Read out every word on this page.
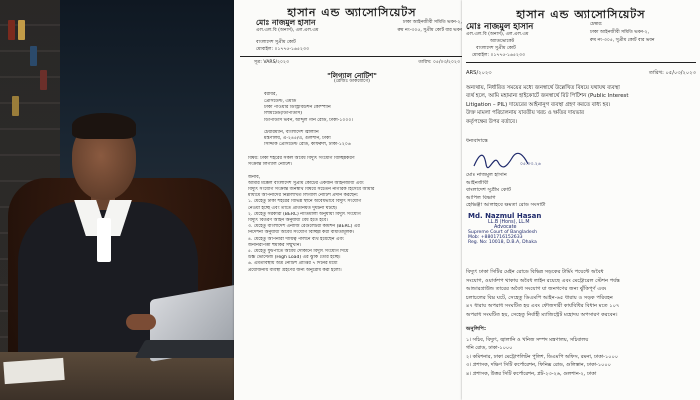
হাসান এন্ড অ্যাসোসিয়েটস
মোঃ নাজমুল হাসান
এল.এল.বি (অনার্স), এল.এল.এম
বাংলাদেশ সুপ্রীম কোর্ট
মোবাইল: ০১৭৭৫-১৬৫২৩৩
ঢাকা আইনজীবী সমিতি ভবন-২,
রুম নং-৩০৫, সুপ্রীম কোর্ট বার ভবন
সূত্র: VARS/২০২৩	তারিখ: ০৫/০৩/২০২৩
"লিগ্যাল নোটিশ"
(রেজিঃ ডাকযোগে)
বরাবর,
প্রেসিডেন্ট, এমডি
ঢাকা পাওয়ার ডিস্ট্রিবিউশন কোম্পানি
লিমিটেড(ডিপিডিসি)
ডিপিডিসি ভবন, আব্দুল গনি রোড, ঢাকা-১০০০।

চেয়ারম্যান, বাংলাদেশ জ্বালানি
মন্ত্রণালয়, এ-২৪৫/এ, গুলশান, ঢাকা
সিদ্দিকি প্রেসিডেন্ট রোড, কাফরুল, ঢাকা-১২০৬
বিষয়: ঢাকা শহরের সকল অবৈধ বিদ্যুৎ সংযোগ বিচ্ছিন্নকরণ
সংক্রান্ত লিগ্যাল নোটিশ।

জনাব,
আমার মক্কেল বাংলাদেশ সুপ্রীম কোর্টের একজন আইনজীবী এবং
বিদ্যুৎ সংযোগ সংক্রান্ত জনস্বার্থ বিষয়ে সচেতন নাগরিক হিসেবে আমার
মাধ্যমে আপনাদের নিম্নলিখিত লিগ্যাল নোটিশ প্রদান করছেন:
১. যেহেতু ঢাকা শহরের বিভিন্ন স্থানে অবৈধভাবে বিদ্যুৎ সংযোগ
নেওয়া হচ্ছে এবং তাতে প্রতিনিয়ত দুর্ঘটনা ঘটছে।
২. যেহেতু সরকারী (BERC) নীতিমালা অনুযায়ী বিদ্যুৎ সংযোগ
বিদ্যুৎ বিতরণ আইন অনুযায়ী বৈধ হতে হবে।
৩. যেহেতু বাংলাদেশ এনার্জি রেগুলেটরী কমিশন (BERC) এর
নির্দেশনা অনুযায়ী অবৈধ সংযোগ বিচ্ছিন্ন করা বাধ্যতামূলক।
৪. যেহেতু আপনারা দায়িত্ব পালনে ব্যর্থ হয়েছেন এবং
জননিরাপত্তা হুমকির সম্মুখীন।
৫. যেহেতু ফুটপাতে অবৈধ দোকানে বিদ্যুৎ সংযোগ দিয়ে
উচ্চ ভোল্টেজ (High Load) এর ঝুঁকি তৈরি হচ্ছে।
৬. এমতাবস্থায় অত্র নোটিশ প্রাপ্তির ৭ দিনের মধ্যে
প্রয়োজনীয় ব্যবস্থা গ্রহণের জন্য অনুরোধ করা হলো।
হাসান এন্ড অ্যাসোসিয়েটস
মোঃ নাজমুল হাসান
এল.এল.বি (অনার্স), এল.এল.এম
অ্যাডভোকেট
বাংলাদেশ সুপ্রীম কোর্ট
মোবাইল: ০১৭৭৫-১৬৫২৩৩
চেম্বার:
ঢাকা আইনজীবী সমিতি ভবন-২,
রুম নং-৩০৫, সুপ্রীম কোর্ট বার ভবন
ARS/২০২৩	তারিখ: ০৫/০৩/২০২৩
অন্যথায়, নির্ধারিত সময়ের মধ্যে জনস্বার্থে উল্লেখিত বিষয়ে যথাযথ ব্যবস্থা
ব্যর্থ হলে, আমি মহামান্য হাইকোর্টে জনস্বার্থে রিট পিটিশন (Public Interest
Litigation – PIL) দায়েরের আইনানুগ ব্যবস্থা গ্রহণ করতে বাধ্য হব।
উক্ত মামলা পরিচালনায় যাবতীয় খরচ ও ক্ষতির দায়ভার
কর্তৃপক্ষের উপর বর্তাবে।
ধন্যবাদান্তে
০৫.০৩.২৬
মোঃ নাজমুল হাসান
আইনজীবী
বাংলাদেশ সুপ্রীম কোর্ট
আপিল বিভাগ
হেভিঞ্জা আলাহবে ক্ষমতা রোড সংসাটী
Md. Nazmul Hasan
LL.B (Hons), LL.M
Advocate
Supreme Court of Bangladesh
Mob: +8801716152633
Reg. No: 10018, D.B.A, Dhaka
বিদ্যুৎ ঢাকা সিটির মেইন রোডে বিভিন্ন সড়কের টার্মিং পয়েন্টে অবৈধ
সংযোগ, ওয়ার্কশপ থাকায় অবৈধ লাইন রয়েছে এবং মেট্রোরেল স্টেশন পর্যন্ত
আন্ডারগ্রাউন্ড তারের অবৈধ সংযোগ যা জনগণের জন্য ঝুঁকিপূর্ণ এবং
চলাচলের বিঘ্ন ঘটে, সেহেতু ডিএমপি আইন-৬৫ ধারায় ও সড়ক পরিবহন
৪৭ ধারায় অপরাধ সংঘটিত হয় এবং ফৌজদারী কার্যবিধির বিধান মতে ১০৭
অপরাধ সংঘটিত হয়, সেহেতু নির্বাহী ম্যাজিস্ট্রেট মহোদয় অপসারণ করবেন।
অনুলিপি:
১। সচিব, বিদ্যুৎ, জ্বালানি ও খনিজ সম্পদ মন্ত্রণালয়, সচিবালয়
গনি রোড, ঢাকা-১০০০
২। কমিশনার, ঢাকা মেট্রোপলিটন পুলিশ, ডিএমপি অফিস, রমনা, ঢাকা-১০০০
৩। প্রশাসক, দক্ষিণ সিটি কর্পোরেশন, ফিনিক্স রোড, গুলিস্তান, ঢাকা-১০০০
৪। প্রশাসক, উত্তর সিটি কর্পোরেশন, প্লট-২৩-২৬, গুলশান-২, ঢাকা
